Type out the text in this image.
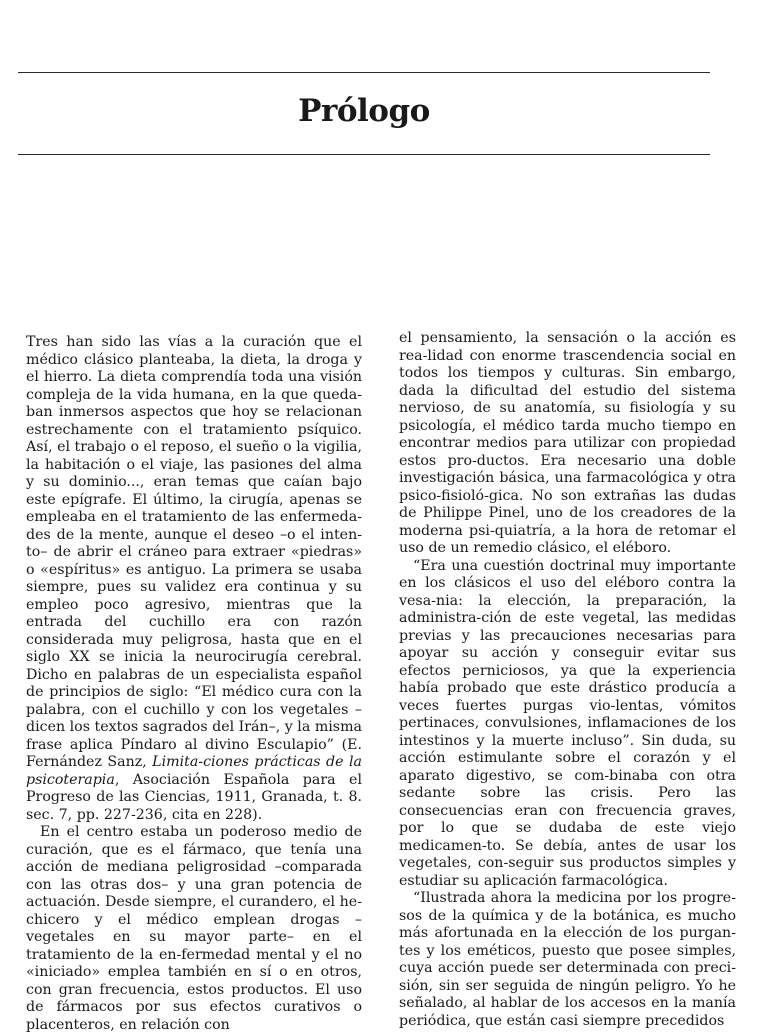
Prólogo

Tres han sido las vías a la curación que el médico clásico planteaba, la dieta, la droga y el hierro. La dieta comprendía toda una visión compleja de la vida humana, en la que queda-ban inmersos aspectos que hoy se relacionan estrechamente con el tratamiento psíquico. Así, el trabajo o el reposo, el sueño o la vigilia, la habitación o el viaje, las pasiones del alma y su dominio..., eran temas que caían bajo este epígrafe. El último, la cirugía, apenas se empleaba en el tratamiento de las enfermeda-des de la mente, aunque el deseo –o el inten-to– de abrir el cráneo para extraer «piedras» o «espíritus» es antiguo. La primera se usaba siempre, pues su validez era continua y su empleo poco agresivo, mientras que la entrada del cuchillo era con razón considerada muy peligrosa, hasta que en el siglo XX se inicia la neurocirugía cerebral. Dicho en palabras de un especialista español de principios de siglo: “El médico cura con la palabra, con el cuchillo y con los vegetales –dicen los textos sagrados del Irán–, y la misma frase aplica Píndaro al divino Esculapio” (E. Fernández Sanz, Limita-ciones prácticas de la psicoterapia, Asociación Española para el Progreso de las Ciencias, 1911, Granada, t. 8. sec. 7, pp. 227-236, cita en 228).

En el centro estaba un poderoso medio de curación, que es el fármaco, que tenía una acción de mediana peligrosidad –comparada con las otras dos– y una gran potencia de actuación. Desde siempre, el curandero, el he-chicero y el médico emplean drogas –vegetales en su mayor parte– en el tratamiento de la en-fermedad mental y el no «iniciado» emplea también en sí o en otros, con gran frecuencia, estos productos. El uso de fármacos por sus efectos curativos o placenteros, en relación con

el pensamiento, la sensación o la acción es rea-lidad con enorme trascendencia social en todos los tiempos y culturas. Sin embargo, dada la dificultad del estudio del sistema nervioso, de su anatomía, su fisiología y su psicología, el médico tarda mucho tiempo en encontrar medios para utilizar con propiedad estos pro-ductos. Era necesario una doble investigación básica, una farmacológica y otra psico-fisioló-gica. No son extrañas las dudas de Philippe Pinel, uno de los creadores de la moderna psi-quiatría, a la hora de retomar el uso de un remedio clásico, el eléboro.

“Era una cuestión doctrinal muy importante en los clásicos el uso del eléboro contra la vesa-nia: la elección, la preparación, la administra-ción de este vegetal, las medidas previas y las precauciones necesarias para apoyar su acción y conseguir evitar sus efectos perniciosos, ya que la experiencia había probado que este drástico producía a veces fuertes purgas vio-lentas, vómitos pertinaces, convulsiones, inflamaciones de los intestinos y la muerte incluso”. Sin duda, su acción estimulante sobre el corazón y el aparato digestivo, se com-binaba con otra sedante sobre las crisis. Pero las consecuencias eran con frecuencia graves, por lo que se dudaba de este viejo medicamen-to. Se debía, antes de usar los vegetales, con-seguir sus productos simples y estudiar su aplicación farmacológica.

“Ilustrada ahora la medicina por los progre-sos de la química y de la botánica, es mucho más afortunada en la elección de los purgan-tes y los eméticos, puesto que posee simples, cuya acción puede ser determinada con preci-sión, sin ser seguida de ningún peligro. Yo he señalado, al hablar de los accesos en la manía periódica, que están casi siempre precedidos
